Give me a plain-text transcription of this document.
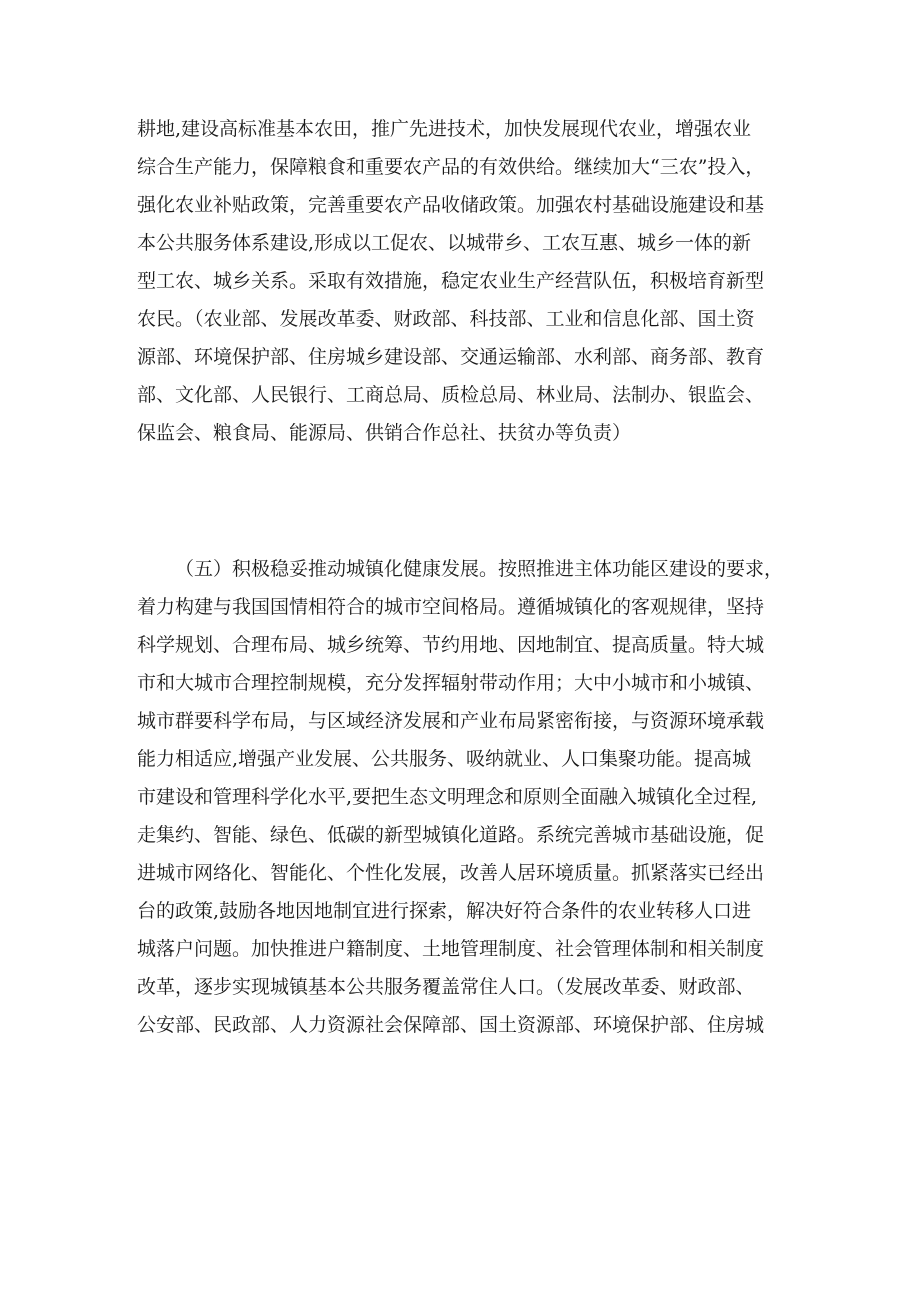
耕地,建设高标准基本农田，推广先进技术，加快发展现代农业，增强农业
综合生产能力，保障粮食和重要农产品的有效供给。继续加大“三农”投入，
强化农业补贴政策，完善重要农产品收储政策。加强农村基础设施建设和基
本公共服务体系建设,形成以工促农、以城带乡、工农互惠、城乡一体的新
型工农、城乡关系。采取有效措施，稳定农业生产经营队伍，积极培育新型
农民。（农业部、发展改革委、财政部、科技部、工业和信息化部、国土资
源部、环境保护部、住房城乡建设部、交通运输部、水利部、商务部、教育
部、文化部、人民银行、工商总局、质检总局、林业局、法制办、银监会、
保监会、粮食局、能源局、供销合作总社、扶贫办等负责）
（五）积极稳妥推动城镇化健康发展。按照推进主体功能区建设的要求，
着力构建与我国国情相符合的城市空间格局。遵循城镇化的客观规律，坚持
科学规划、合理布局、城乡统筹、节约用地、因地制宜、提高质量。特大城
市和大城市合理控制规模，充分发挥辐射带动作用；大中小城市和小城镇、
城市群要科学布局，与区域经济发展和产业布局紧密衔接，与资源环境承载
能力相适应,增强产业发展、公共服务、吸纳就业、人口集聚功能。提高城
市建设和管理科学化水平,要把生态文明理念和原则全面融入城镇化全过程,
走集约、智能、绿色、低碳的新型城镇化道路。系统完善城市基础设施，促
进城市网络化、智能化、个性化发展，改善人居环境质量。抓紧落实已经出
台的政策,鼓励各地因地制宜进行探索，解决好符合条件的农业转移人口进
城落户问题。加快推进户籍制度、土地管理制度、社会管理体制和相关制度
改革，逐步实现城镇基本公共服务覆盖常住人口。（发展改革委、财政部、
公安部、民政部、人力资源社会保障部、国土资源部、环境保护部、住房城
